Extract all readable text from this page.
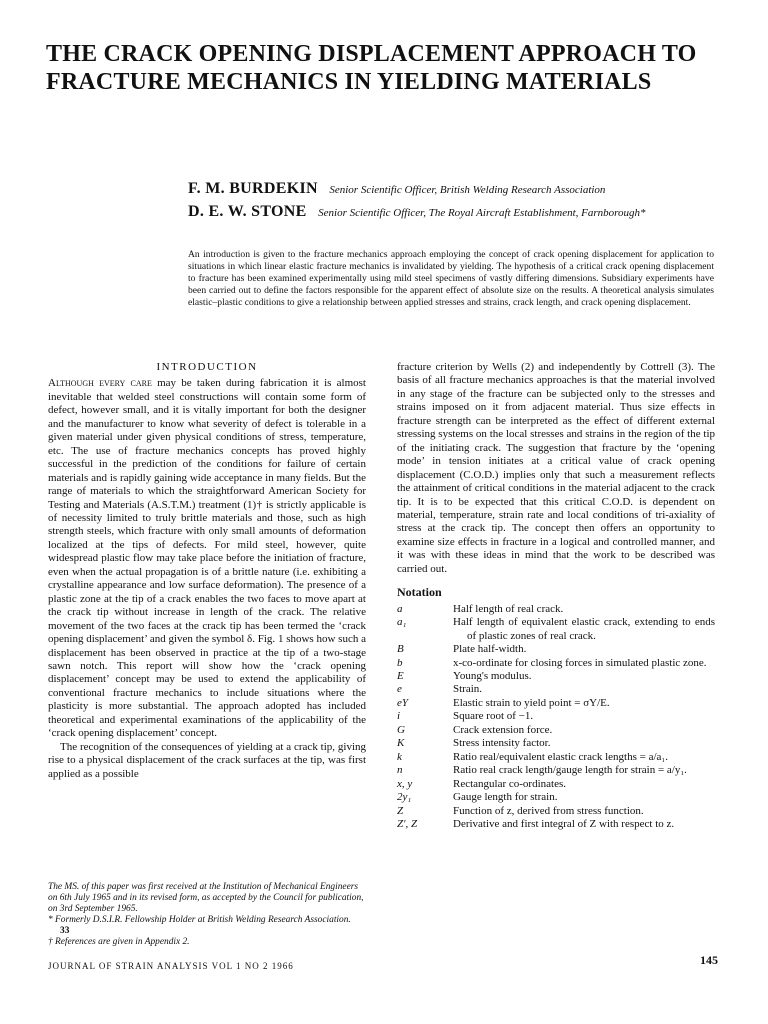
THE CRACK OPENING DISPLACEMENT APPROACH TO FRACTURE MECHANICS IN YIELDING MATERIALS
F. M. BURDEKIN Senior Scientific Officer, British Welding Research Association
D. E. W. STONE Senior Scientific Officer, The Royal Aircraft Establishment, Farnborough*
An introduction is given to the fracture mechanics approach employing the concept of crack opening displacement for application to situations in which linear elastic fracture mechanics is invalidated by yielding. The hypothesis of a critical crack opening displacement to fracture has been examined experimentally using mild steel specimens of vastly differing dimensions. Subsidiary experiments have been carried out to define the factors responsible for the apparent effect of absolute size on the results. A theoretical analysis simulates elastic–plastic conditions to give a relationship between applied stresses and strains, crack length, and crack opening displacement.
INTRODUCTION

Although every care may be taken during fabrication it is almost inevitable that welded steel constructions will contain some form of defect, however small, and it is vitally important for both the designer and the manufacturer to know what severity of defect is tolerable in a given material under given physical conditions of stress, temperature, etc. The use of fracture mechanics concepts has proved highly successful in the prediction of the conditions for failure of certain materials and is rapidly gaining wide acceptance in many fields. But the range of materials to which the straightforward American Society for Testing and Materials (A.S.T.M.) treatment (1)† is strictly applicable is of necessity limited to truly brittle materials and those, such as high strength steels, which fracture with only small amounts of deformation localized at the tips of defects. For mild steel, however, quite widespread plastic flow may take place before the initiation of fracture, even when the actual propagation is of a brittle nature (i.e. exhibiting a crystalline appearance and low surface deformation). The presence of a plastic zone at the tip of a crack enables the two faces to move apart at the crack tip without increase in length of the crack. The relative movement of the two faces at the crack tip has been termed the ‘crack opening displacement’ and given the symbol δ. Fig. 1 shows how such a displacement has been observed in practice at the tip of a two-stage sawn notch. This report will show how the ‘crack opening displacement’ concept may be used to extend the applicability of conventional fracture mechanics to include situations where the plasticity is more substantial. The approach adopted has included theoretical and experimental examinations of the applicability of the ‘crack opening displacement’ concept.

The recognition of the consequences of yielding at a crack tip, giving rise to a physical displacement of the crack surfaces at the tip, was first applied as a possible

The MS. of this paper was first received at the Institution of Mechanical Engineers on 6th July 1965 and in its revised form, as accepted by the Council for publication, on 3rd September 1965.

* Formerly D.S.I.R. Fellowship Holder at British Welding Research Association.

33

† References are given in Appendix 2.

fracture criterion by Wells (2) and independently by Cottrell (3). The basis of all fracture mechanics approaches is that the material involved in any stage of the fracture can be subjected only to the stresses and strains imposed on it from adjacent material. Thus size effects in fracture strength can be interpreted as the effect of different external stressing systems on the local stresses and strains in the region of the tip of the initiating crack. The suggestion that fracture by the ‘opening mode’ in tension initiates at a critical value of crack opening displacement (C.O.D.) implies only that such a measurement reflects the attainment of critical conditions in the material adjacent to the crack tip. It is to be expected that this critical C.O.D. is dependent on material, temperature, strain rate and local conditions of tri-axiality of stress at the crack tip. The concept then offers an opportunity to examine size effects in fracture in a logical and controlled manner, and it was with these ideas in mind that the work to be described was carried out.

Notation
a	Half length of real crack.
a₁	Half length of equivalent elastic crack, extending to ends of plastic zones of real crack.
B	Plate half-width.
b	x-co-ordinate for closing forces in simulated plastic zone.
E	Young's modulus.
e	Strain.
eY	Elastic strain to yield point = σY/E.
i	Square root of −1.
G	Crack extension force.
K	Stress intensity factor.
k	Ratio real/equivalent elastic crack lengths = a/a₁.
n	Ratio real crack length/gauge length for strain = a/y₁.
x, y	Rectangular co-ordinates.
2y₁	Gauge length for strain.
Z	Function of z, derived from stress function.
Z′, Z	Derivative and first integral of Z with respect to z.
JOURNAL OF STRAIN ANALYSIS VOL 1 NO 2 1966	145
